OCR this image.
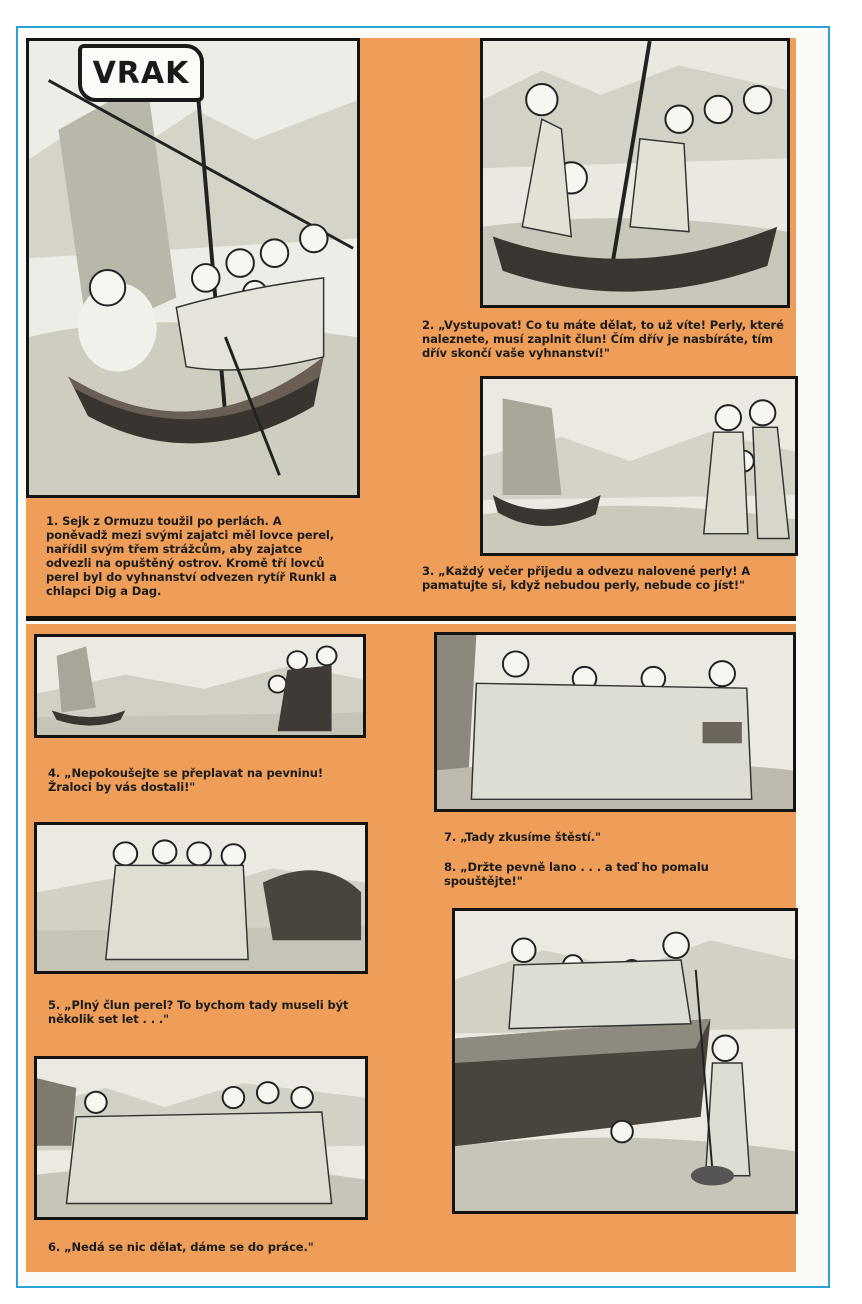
VRAK
1. Sejk z Ormuzu toužil po perlách. A poněvadž mezi svými zajatci měl lovce perel, nařídil svým třem strážcům, aby zajatce odvezli na opuštěný ostrov. Kromě tří lovců perel byl do vyhnanství odvezen rytíř Runkl a chlapci Dig a Dag.
2. „Vystupovat! Co tu máte dělat, to už víte! Perly, které naleznete, musí zaplnit člun! Čím dřív je nasbíráte, tím dřív skončí vaše vyhnanství!"
3. „Každý večer přijedu a odvezu nalovené perly! A pamatujte si, když nebudou perly, nebude co jíst!"
4. „Nepokoušejte se přeplavat na pevninu! Žraloci by vás dostali!"
5. „Plný člun perel? To bychom tady museli být několik set let . . ."
6. „Nedá se nic dělat, dáme se do práce."
7. „Tady zkusíme štěstí."
8. „Držte pevně lano . . . a teď ho pomalu spouštějte!"
